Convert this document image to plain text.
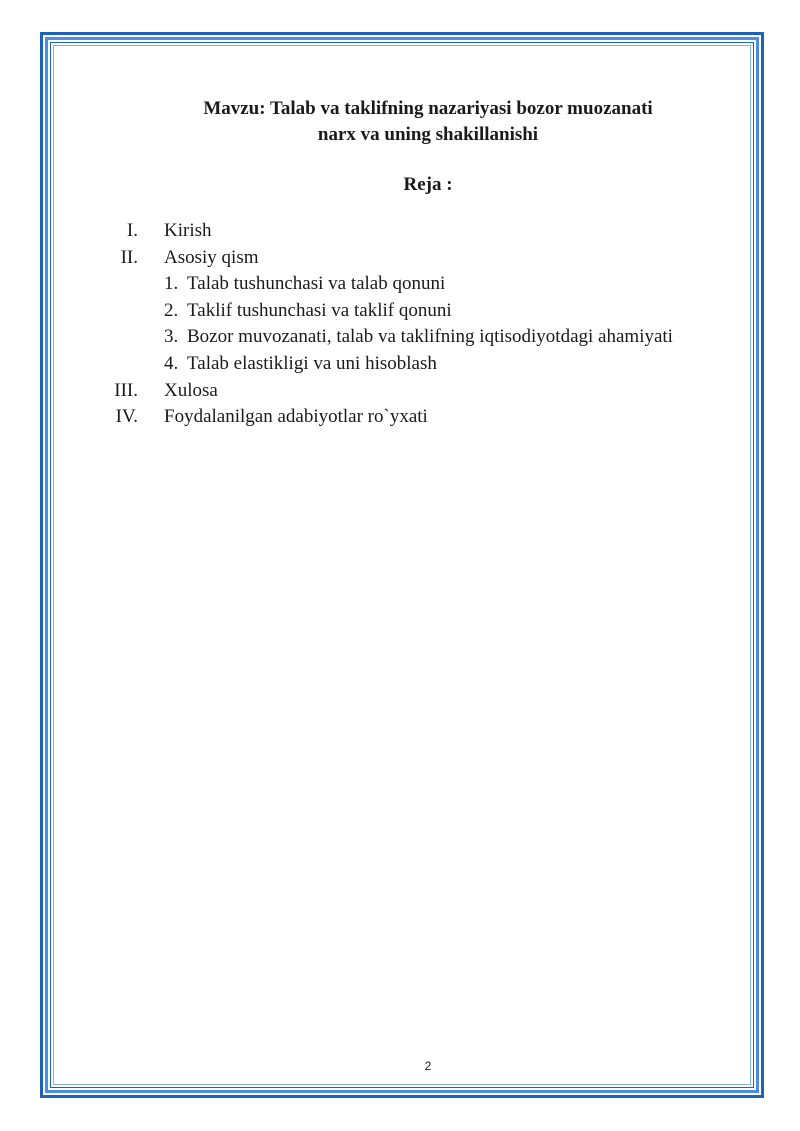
Mavzu: Talab va taklifning nazariyasi bozor muozanati

narx va uning shakillanishi

Reja :

I. Kirish
II. Asosiy qism
1. Talab tushunchasi va talab qonuni
2. Taklif tushunchasi va taklif qonuni
3. Bozor muvozanati, talab va taklifning iqtisodiyotdagi ahamiyati
4. Talab elastikligi va uni hisoblash
III. Xulosa
IV. Foydalanilgan adabiyotlar ro`yxati
2
